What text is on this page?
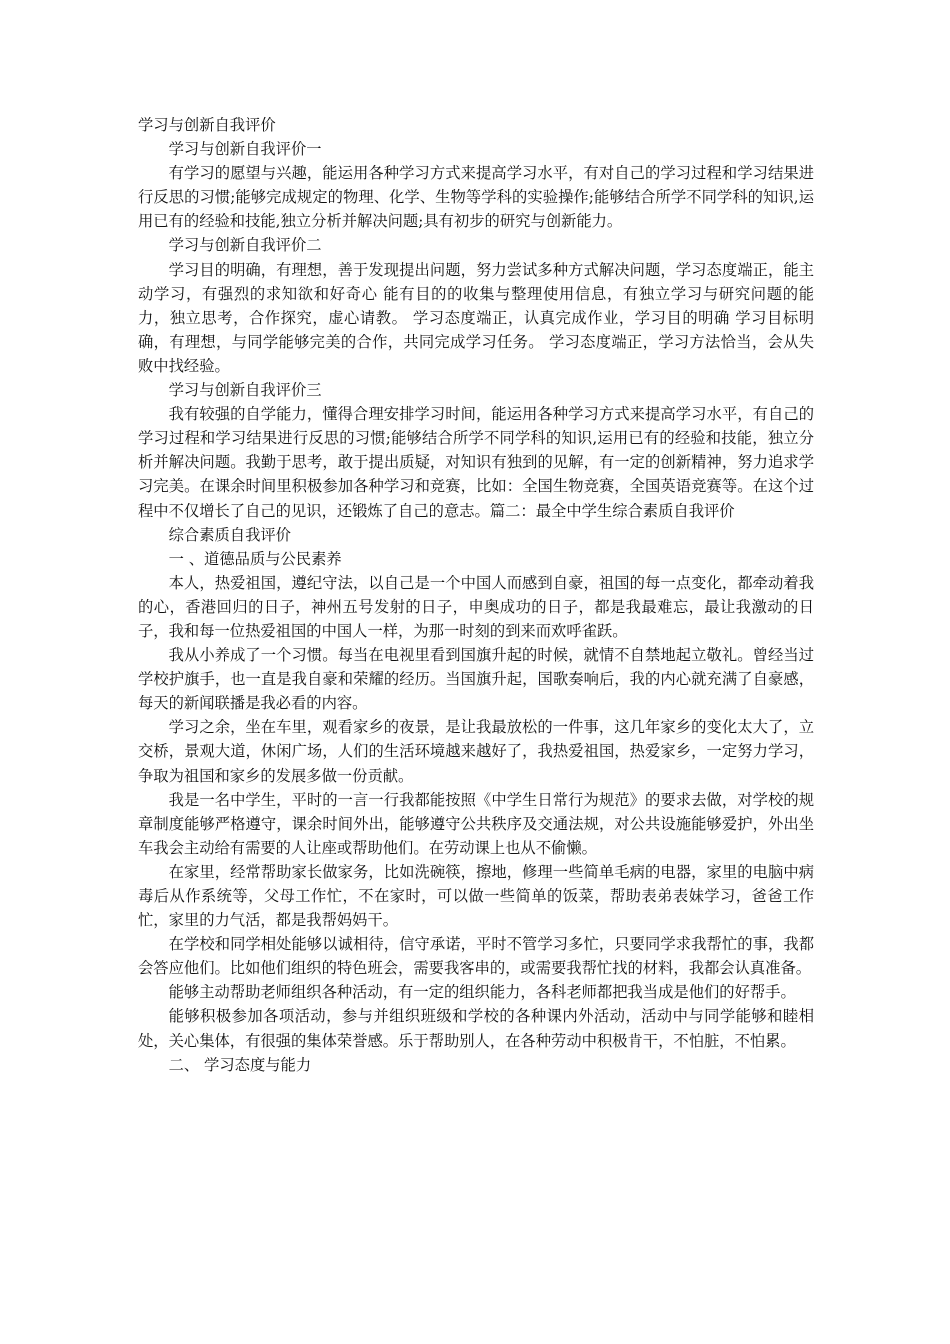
学习与创新自我评价
学习与创新自我评价一
有学习的愿望与兴趣，能运用各种学习方式来提高学习水平，有对自己的学习过程和学习结果进行反思的习惯;能够完成规定的物理、化学、生物等学科的实验操作;能够结合所学不同学科的知识,运用已有的经验和技能,独立分析并解决问题;具有初步的研究与创新能力。
学习与创新自我评价二
学习目的明确，有理想，善于发现提出问题，努力尝试多种方式解决问题，学习态度端正，能主动学习，有强烈的求知欲和好奇心 能有目的的收集与整理使用信息，有独立学习与研究问题的能力，独立思考，合作探究，虚心请教。 学习态度端正，认真完成作业，学习目的明确 学习目标明确，有理想，与同学能够完美的合作，共同完成学习任务。 学习态度端正，学习方法恰当，会从失败中找经验。
学习与创新自我评价三
我有较强的自学能力，懂得合理安排学习时间，能运用各种学习方式来提高学习水平，有自己的学习过程和学习结果进行反思的习惯;能够结合所学不同学科的知识,运用已有的经验和技能，独立分析并解决问题。我勤于思考，敢于提出质疑，对知识有独到的见解，有一定的创新精神，努力追求学习完美。在课余时间里积极参加各种学习和竞赛，比如：全国生物竞赛，全国英语竞赛等。在这个过程中不仅增长了自己的见识，还锻炼了自己的意志。篇二：最全中学生综合素质自我评价
综合素质自我评价
一 、道德品质与公民素养
本人，热爱祖国，遵纪守法，以自己是一个中国人而感到自豪，祖国的每一点变化，都牵动着我的心，香港回归的日子，神州五号发射的日子，申奥成功的日子，都是我最难忘，最让我激动的日子，我和每一位热爱祖国的中国人一样，为那一时刻的到来而欢呼雀跃。
我从小养成了一个习惯。每当在电视里看到国旗升起的时候，就情不自禁地起立敬礼。曾经当过学校护旗手，也一直是我自豪和荣耀的经历。当国旗升起，国歌奏响后，我的内心就充满了自豪感，每天的新闻联播是我必看的内容。
学习之余，坐在车里，观看家乡的夜景，是让我最放松的一件事，这几年家乡的变化太大了，立交桥，景观大道，休闲广场，人们的生活环境越来越好了，我热爱祖国，热爱家乡，一定努力学习，争取为祖国和家乡的发展多做一份贡献。
我是一名中学生，平时的一言一行我都能按照《中学生日常行为规范》的要求去做，对学校的规章制度能够严格遵守，课余时间外出，能够遵守公共秩序及交通法规，对公共设施能够爱护，外出坐车我会主动给有需要的人让座或帮助他们。在劳动课上也从不偷懒。
在家里，经常帮助家长做家务，比如洗碗筷，擦地，修理一些简单毛病的电器，家里的电脑中病毒后从作系统等，父母工作忙，不在家时，可以做一些简单的饭菜，帮助表弟表妹学习，爸爸工作忙，家里的力气活，都是我帮妈妈干。
在学校和同学相处能够以诚相待，信守承诺，平时不管学习多忙，只要同学求我帮忙的事，我都会答应他们。比如他们组织的特色班会，需要我客串的，或需要我帮忙找的材料，我都会认真准备。
能够主动帮助老师组织各种活动，有一定的组织能力，各科老师都把我当成是他们的好帮手。
能够积极参加各项活动，参与并组织班级和学校的各种课内外活动，活动中与同学能够和睦相处，关心集体，有很强的集体荣誉感。乐于帮助别人，在各种劳动中积极肯干，不怕脏，不怕累。
二、 学习态度与能力
